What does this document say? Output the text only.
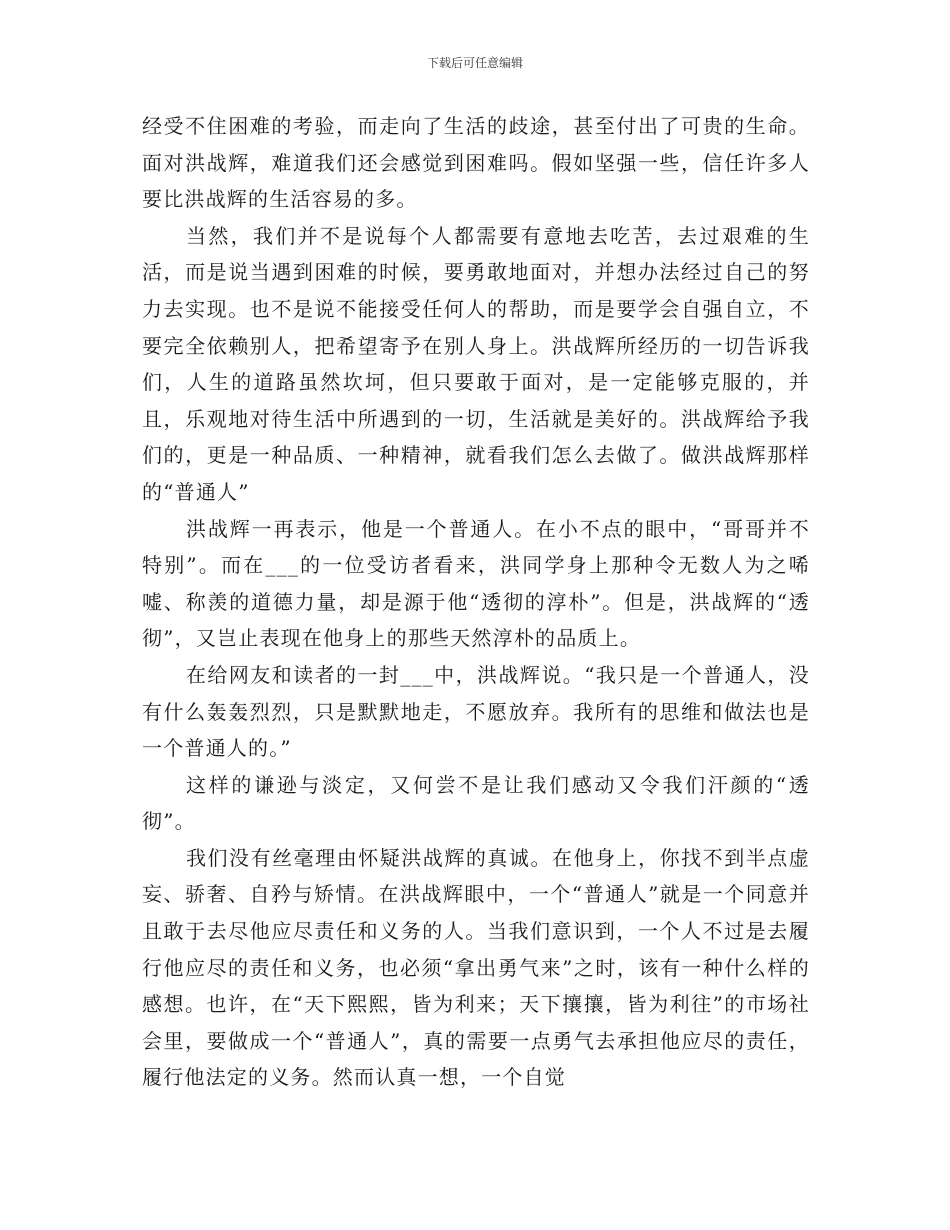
下载后可任意编辑

经受不住困难的考验，而走向了生活的歧途，甚至付出了可贵的生命。面对洪战辉，难道我们还会感觉到困难吗。假如坚强一些，信任许多人要比洪战辉的生活容易的多。

当然，我们并不是说每个人都需要有意地去吃苦，去过艰难的生活，而是说当遇到困难的时候，要勇敢地面对，并想办法经过自己的努力去实现。也不是说不能接受任何人的帮助，而是要学会自强自立，不要完全依赖别人，把希望寄予在别人身上。洪战辉所经历的一切告诉我们，人生的道路虽然坎坷，但只要敢于面对，是一定能够克服的，并且，乐观地对待生活中所遇到的一切，生活就是美好的。洪战辉给予我们的，更是一种品质、一种精神，就看我们怎么去做了。做洪战辉那样的“普通人”

洪战辉一再表示，他是一个普通人。在小不点的眼中，“哥哥并不特别”。而在___的一位受访者看来，洪同学身上那种令无数人为之唏嘘、称羡的道德力量，却是源于他“透彻的淳朴”。但是，洪战辉的“透彻”，又岂止表现在他身上的那些天然淳朴的品质上。

在给网友和读者的一封___中，洪战辉说。“我只是一个普通人，没有什么轰轰烈烈，只是默默地走，不愿放弃。我所有的思维和做法也是一个普通人的。”

这样的谦逊与淡定，又何尝不是让我们感动又令我们汗颜的“透彻”。

我们没有丝毫理由怀疑洪战辉的真诚。在他身上，你找不到半点虚妄、骄奢、自矜与矫情。在洪战辉眼中，一个“普通人”就是一个同意并且敢于去尽他应尽责任和义务的人。当我们意识到，一个人不过是去履行他应尽的责任和义务，也必须“拿出勇气来”之时，该有一种什么样的感想。也许，在“天下熙熙，皆为利来；天下攘攘，皆为利往”的市场社会里，要做成一个“普通人”，真的需要一点勇气去承担他应尽的责任，履行他法定的义务。然而认真一想，一个自觉
